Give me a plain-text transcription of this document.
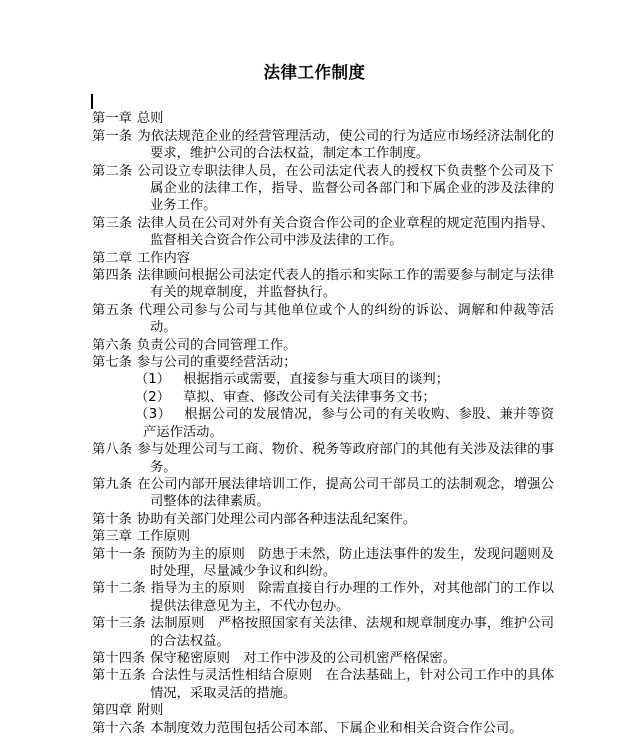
法律工作制度

第一章 总则

第一条 为依法规范企业的经营管理活动，使公司的行为适应市场经济法制化的要求，维护公司的合法权益，制定本工作制度。

第二条 公司设立专职法律人员，在公司法定代表人的授权下负责整个公司及下属企业的法律工作，指导、监督公司各部门和下属企业的涉及法律的业务工作。

第三条 法律人员在公司对外有关合资合作公司的企业章程的规定范围内指导、监督相关合资合作公司中涉及法律的工作。

第二章 工作内容

第四条 法律顾问根据公司法定代表人的指示和实际工作的需要参与制定与法律有关的规章制度，并监督执行。

第五条 代理公司参与公司与其他单位或个人的纠纷的诉讼、调解和仲裁等活动。

第六条 负责公司的合同管理工作。

第七条 参与公司的重要经营活动；

（1） 根据指示或需要，直接参与重大项目的谈判；

（2） 草拟、审查、修改公司有关法律事务文书；

（3） 根据公司的发展情况，参与公司的有关收购、参股、兼并等资产运作活动。

第八条 参与处理公司与工商、物价、税务等政府部门的其他有关涉及法律的事务。

第九条 在公司内部开展法律培训工作，提高公司干部员工的法制观念，增强公司整体的法律素质。

第十条 协助有关部门处理公司内部各种违法乱纪案件。

第三章 工作原则

第十一条 预防为主的原则　防患于未然，防止违法事件的发生，发现问题则及时处理，尽量减少争议和纠纷。

第十二条 指导为主的原则　除需直接自行办理的工作外，对其他部门的工作以提供法律意见为主，不代办包办。

第十三条 法制原则　严格按照国家有关法律、法规和规章制度办事，维护公司的合法权益。

第十四条 保守秘密原则　对工作中涉及的公司机密严格保密。

第十五条 合法性与灵活性相结合原则　在合法基础上，针对公司工作中的具体情况，采取灵活的措施。

第四章 附则

第十六条 本制度效力范围包括公司本部、下属企业和相关合资合作公司。
